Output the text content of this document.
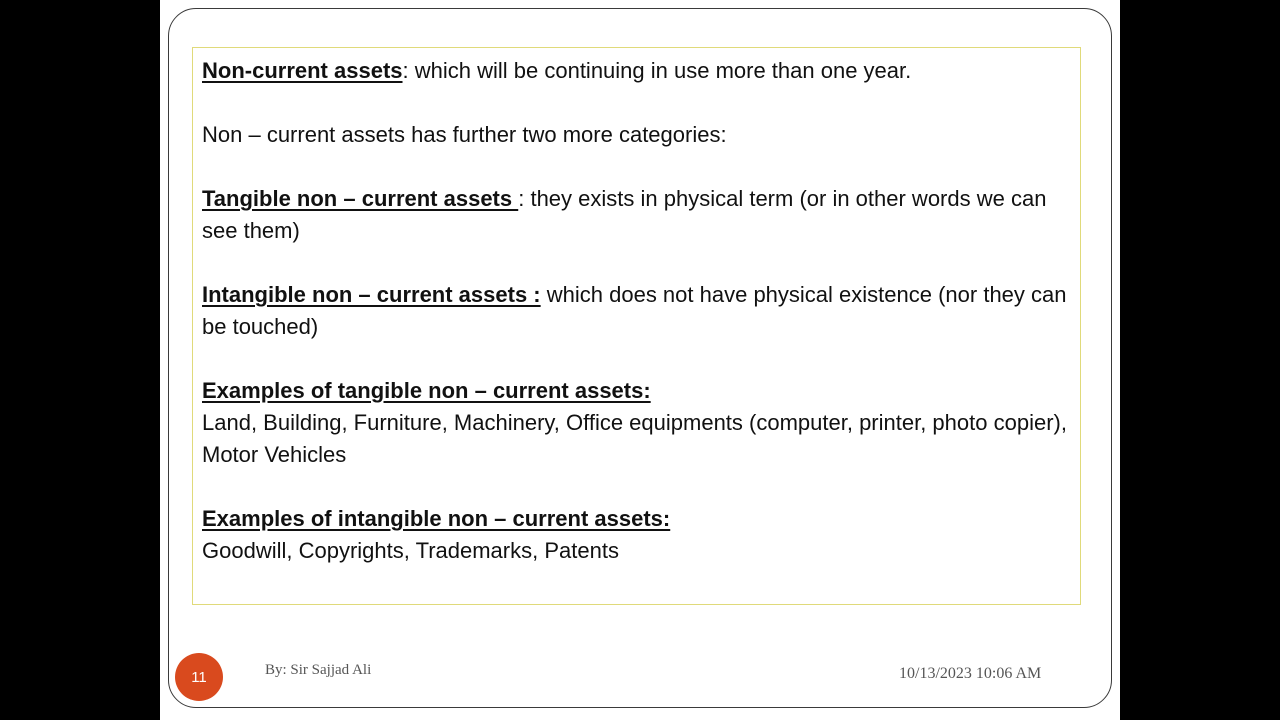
Non-current assets: which will be continuing in use more than one year.

Non – current assets has further two more categories:

Tangible non – current assets : they exists in physical term (or in other words we can see them)

Intangible non – current assets : which does not have physical existence (nor they can be touched)

Examples of tangible non – current assets:
Land, Building, Furniture, Machinery, Office equipments (computer, printer, photo copier), Motor Vehicles

Examples of intangible non – current assets:
Goodwill, Copyrights, Trademarks, Patents

11	By: Sir Sajjad Ali	10/13/2023 10:06 AM
